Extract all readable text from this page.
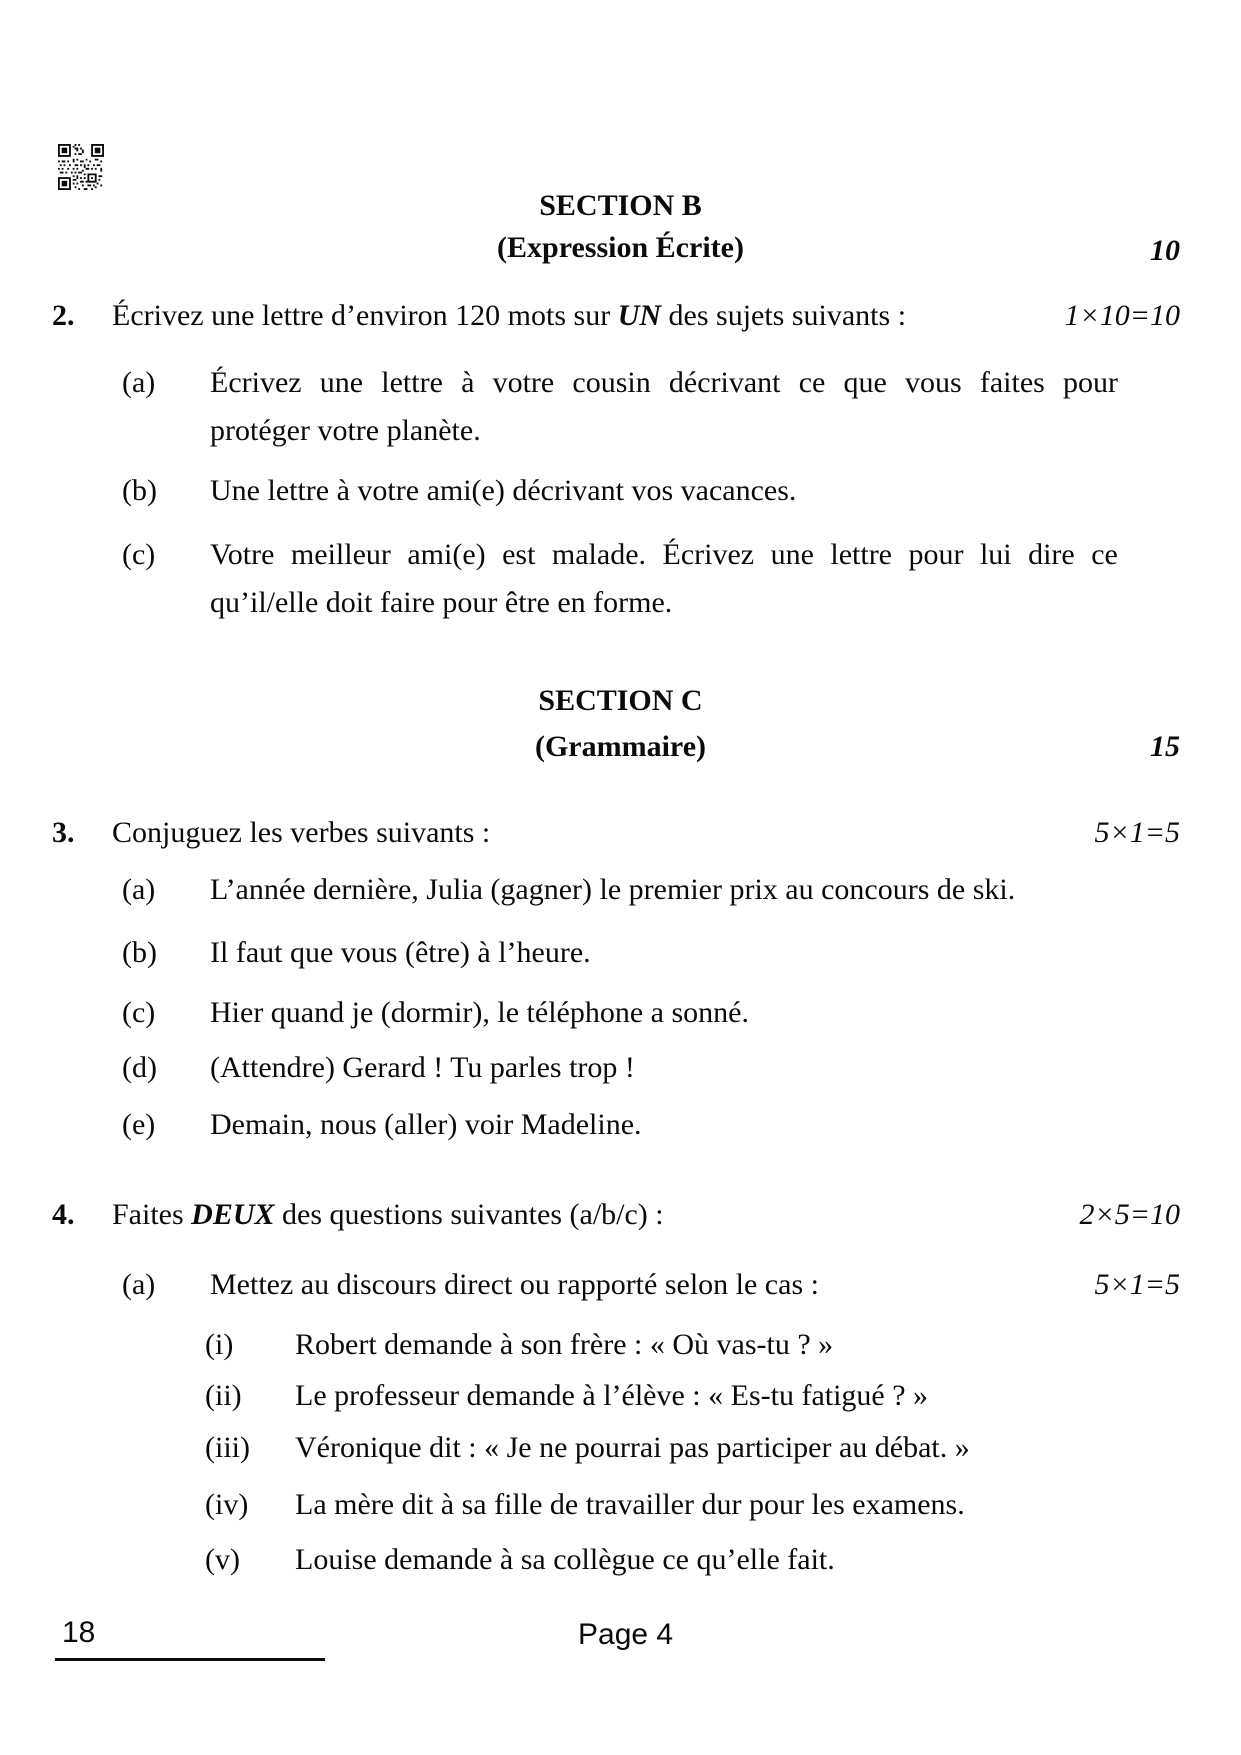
SECTION B
(Expression Écrite)	10
2. Écrivez une lettre d’environ 120 mots sur UN des sujets suivants :	1×10=10
(a) Écrivez une lettre à votre cousin décrivant ce que vous faites pour
protéger votre planète.
(b) Une lettre à votre ami(e) décrivant vos vacances.
(c) Votre meilleur ami(e) est malade. Écrivez une lettre pour lui dire ce
qu’il/elle doit faire pour être en forme.
SECTION C
(Grammaire)	15
3. Conjuguez les verbes suivants :	5×1=5
(a) L’année dernière, Julia (gagner) le premier prix au concours de ski.
(b) Il faut que vous (être) à l’heure.
(c) Hier quand je (dormir), le téléphone a sonné.
(d) (Attendre) Gerard ! Tu parles trop !
(e) Demain, nous (aller) voir Madeline.
4. Faites DEUX des questions suivantes (a/b/c) :	2×5=10
(a) Mettez au discours direct ou rapporté selon le cas :	5×1=5
(i) Robert demande à son frère : « Où vas-tu ? »
(ii) Le professeur demande à l’élève : « Es-tu fatigué ? »
(iii) Véronique dit : « Je ne pourrai pas participer au débat. »
(iv) La mère dit à sa fille de travailler dur pour les examens.
(v) Louise demande à sa collègue ce qu’elle fait.
18	Page 4
